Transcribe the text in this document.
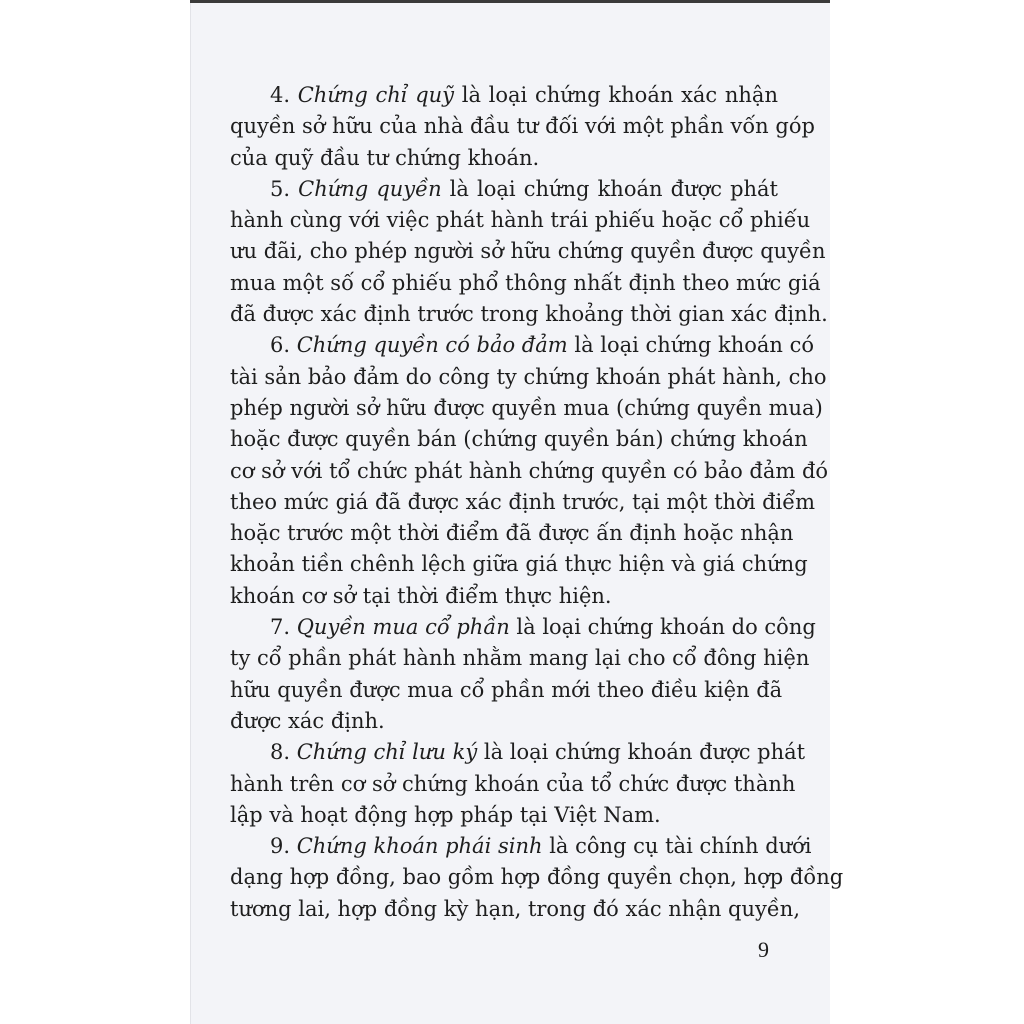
4. Chứng chỉ quỹ là loại chứng khoán xác nhận
quyền sở hữu của nhà đầu tư đối với một phần vốn góp
của quỹ đầu tư chứng khoán.
5. Chứng quyền là loại chứng khoán được phát
hành cùng với việc phát hành trái phiếu hoặc cổ phiếu
ưu đãi, cho phép người sở hữu chứng quyền được quyền
mua một số cổ phiếu phổ thông nhất định theo mức giá
đã được xác định trước trong khoảng thời gian xác định.
6. Chứng quyền có bảo đảm là loại chứng khoán có
tài sản bảo đảm do công ty chứng khoán phát hành, cho
phép người sở hữu được quyền mua (chứng quyền mua)
hoặc được quyền bán (chứng quyền bán) chứng khoán
cơ sở với tổ chức phát hành chứng quyền có bảo đảm đó
theo mức giá đã được xác định trước, tại một thời điểm
hoặc trước một thời điểm đã được ấn định hoặc nhận
khoản tiền chênh lệch giữa giá thực hiện và giá chứng
khoán cơ sở tại thời điểm thực hiện.
7. Quyền mua cổ phần là loại chứng khoán do công
ty cổ phần phát hành nhằm mang lại cho cổ đông hiện
hữu quyền được mua cổ phần mới theo điều kiện đã
được xác định.
8. Chứng chỉ lưu ký là loại chứng khoán được phát
hành trên cơ sở chứng khoán của tổ chức được thành
lập và hoạt động hợp pháp tại Việt Nam.
9. Chứng khoán phái sinh là công cụ tài chính dưới
dạng hợp đồng, bao gồm hợp đồng quyền chọn, hợp đồng
tương lai, hợp đồng kỳ hạn, trong đó xác nhận quyền,
9
